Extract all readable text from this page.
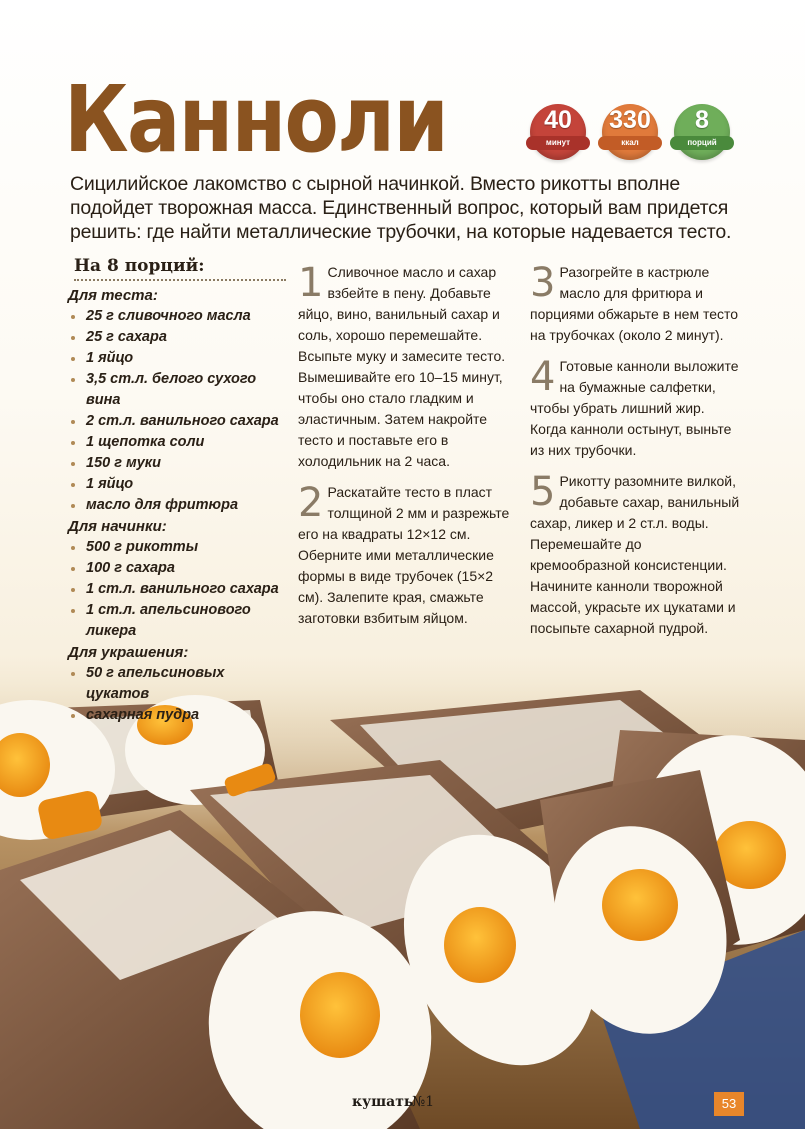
Канноли	40
минут
330
ккал
8
порций

Сицилийское лакомство с сырной начинкой. Вместо рикотты вполне подойдет творожная масса. Единственный вопрос, который вам придется решить: где найти металлические трубочки, на которые надевается тесто.

На 8 порций:

Для теста:

25 г сливочного масла
25 г сахара
1 яйцо
3,5 ст.л. белого сухого вина
2 ст.л. ванильного сахара
1 щепотка соли
150 г муки
1 яйцо
масло для фритюра

Для начинки:

500 г рикотты
100 г сахара
1 ст.л. ванильного сахара
1 ст.л. апельсинового ликера

Для украшения:

50 г апельсиновых цукатов
сахарная пудра
1 Сливочное масло и сахар взбейте в пену. Добавьте яйцо, вино, ванильный сахар и соль, хорошо перемешайте. Всыпьте муку и замесите тесто. Вымешивайте его 10–15 минут, чтобы оно стало гладким и эластичным. Затем накройте тесто и поставьте его в холодильник на 2 часа.

2 Раскатайте тесто в пласт толщиной 2 мм и разрежьте его на квадраты 12×12 см. Оберните ими металлические формы в виде трубочек (15×2 см). Залепите края, смажьте заготовки взбитым яйцом.

3 Разогрейте в кастрюле масло для фритюра и порциями обжарьте в нем тесто на трубочках (около 2 минут).

4 Готовые канноли выложите на бумажные салфетки, чтобы убрать лишний жир. Когда канноли остынут, выньте из них трубочки.

5 Рикотту разомните вилкой, добавьте сахар, ванильный сахар, ликер и 2 ст.л. воды. Перемешайте до кремообразной консистенции. Начините канноли творожной массой, украсьте их цукатами и посыпьте сахарной пудрой.

кушать
№1	53
